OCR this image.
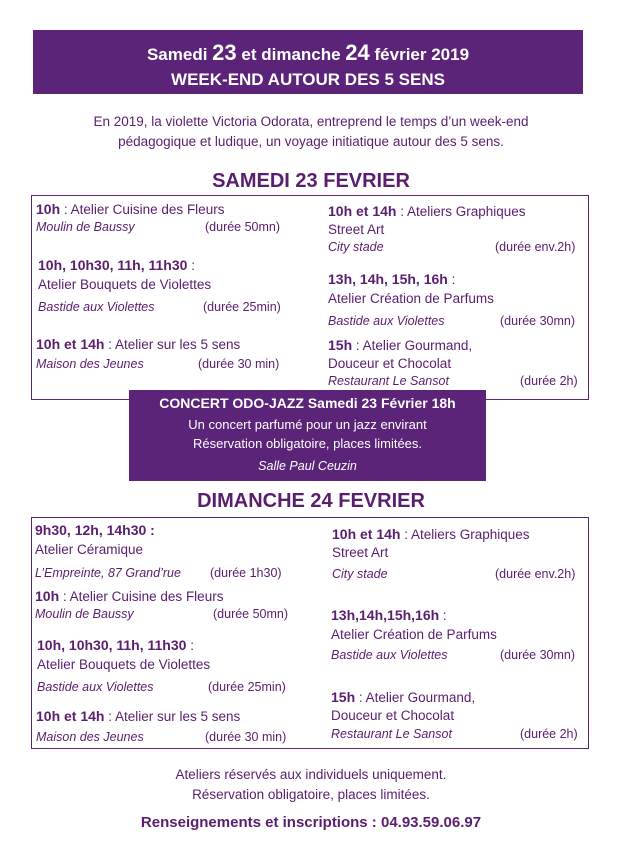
Samedi 23 et dimanche 24 février 2019
WEEK-END AUTOUR DES 5 SENS
En 2019, la violette Victoria Odorata, entreprend le temps d’un week-end
pédagogique et ludique, un voyage initiatique autour des 5 sens.
SAMEDI 23 FEVRIER
10h : Atelier Cuisine des Fleurs
Moulin de Baussy	(durée 50mn)
10h, 10h30, 11h, 11h30 :
Atelier Bouquets de Violettes
Bastide aux Violettes	(durée 25min)
10h et 14h : Atelier sur les 5 sens
Maison des Jeunes	(durée 30 min)
10h et 14h : Ateliers Graphiques
Street Art
City stade	(durée env.2h)
13h, 14h, 15h, 16h :
Atelier Création de Parfums
Bastide aux Violettes	(durée 30mn)
15h : Atelier Gourmand,
Douceur et Chocolat
Restaurant Le Sansot	(durée 2h)
CONCERT ODO-JAZZ Samedi 23 Février 18h
Un concert parfumé pour un jazz envirant
Réservation obligatoire, places limitées.
Salle Paul Ceuzin
DIMANCHE 24 FEVRIER
9h30, 12h, 14h30 :
Atelier Céramique
L’Empreinte, 87 Grand’rue (durée 1h30)
10h : Atelier Cuisine des Fleurs
Moulin de Baussy	(durée 50mn)
10h, 10h30, 11h, 11h30 :
Atelier Bouquets de Violettes
Bastide aux Violettes	(durée 25min)
10h et 14h : Atelier sur les 5 sens
Maison des Jeunes	(durée 30 min)
10h et 14h : Ateliers Graphiques
Street Art
City stade	(durée env.2h)
13h,14h,15h,16h :
Atelier Création de Parfums
Bastide aux Violettes	(durée 30mn)
15h : Atelier Gourmand,
Douceur et Chocolat
Restaurant Le Sansot	(durée 2h)
Ateliers réservés aux individuels uniquement.
Réservation obligatoire, places limitées.
Renseignements et inscriptions : 04.93.59.06.97
